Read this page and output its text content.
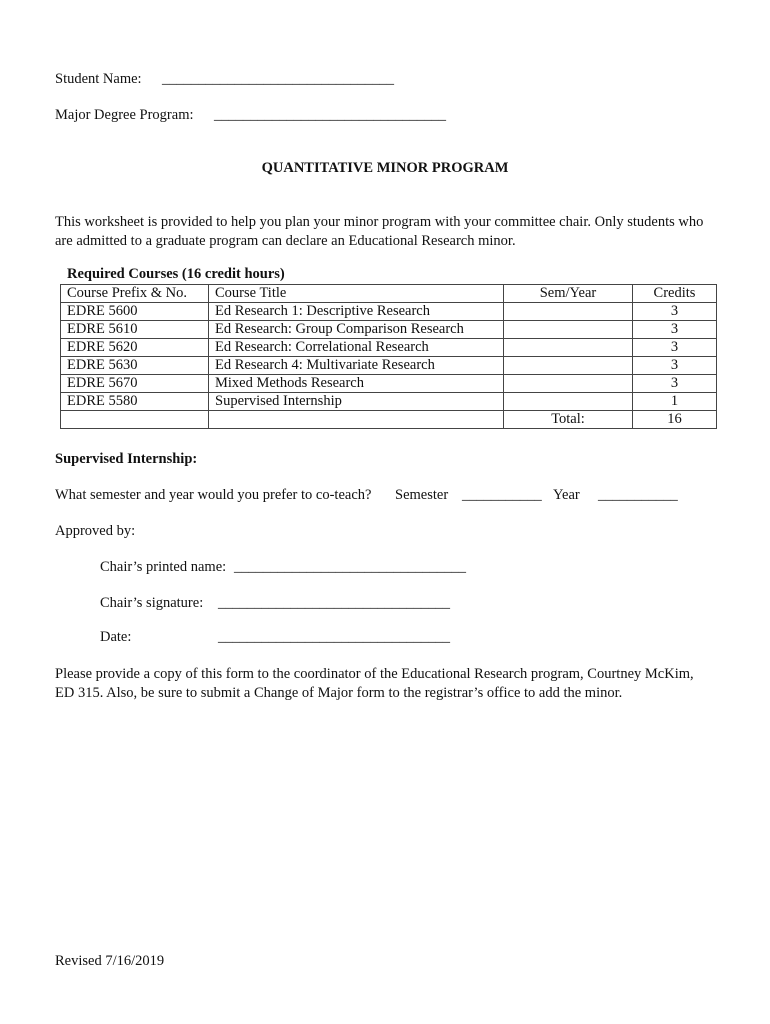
Student Name: ________________________________
Major Degree Program: ________________________________
QUANTITATIVE MINOR PROGRAM
This worksheet is provided to help you plan your minor program with your committee chair. Only students who are admitted to a graduate program can declare an Educational Research minor.
Required Courses (16 credit hours)
Course Prefix & No.	Course Title	Sem/Year	Credits
EDRE 5600	Ed Research 1: Descriptive Research		3
EDRE 5610	Ed Research: Group Comparison Research		3
EDRE 5620	Ed Research: Correlational Research		3
EDRE 5630	Ed Research 4: Multivariate Research		3
EDRE 5670	Mixed Methods Research		3
EDRE 5580	Supervised Internship		1
		Total:	16
Supervised Internship:
What semester and year would you prefer to co-teach? Semester ___________ Year ___________
Approved by:
Chair’s printed name: ________________________________
Chair’s signature: ________________________________
Date:	________________________________
Please provide a copy of this form to the coordinator of the Educational Research program, Courtney McKim, ED 315. Also, be sure to submit a Change of Major form to the registrar’s office to add the minor.
Revised 7/16/2019
